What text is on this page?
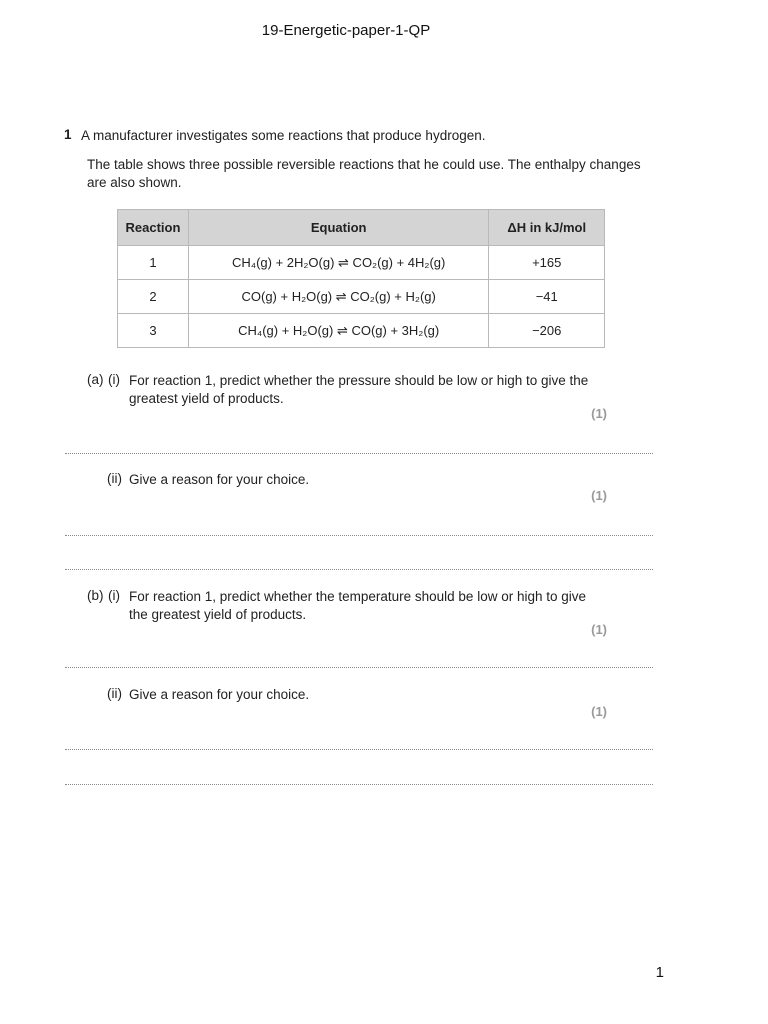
19-Energetic-paper-1-QP
1 A manufacturer investigates some reactions that produce hydrogen.
The table shows three possible reversible reactions that he could use. The enthalpy changes
are also shown.
Reaction	Equation	ΔH in kJ/mol
1	CH₄(g) + 2H₂O(g) ⇌ CO₂(g) + 4H₂(g)	+165
2	CO(g) + H₂O(g) ⇌ CO₂(g) + H₂(g)	−41
3	CH₄(g) + H₂O(g) ⇌ CO(g) + 3H₂(g)	−206
(a) (i) For reaction 1, predict whether the pressure should be low or high to give the
greatest yield of products.
(1)
(ii) Give a reason for your choice.
(1)
(b) (i) For reaction 1, predict whether the temperature should be low or high to give
the greatest yield of products.
(1)
(ii) Give a reason for your choice.
(1)
1
